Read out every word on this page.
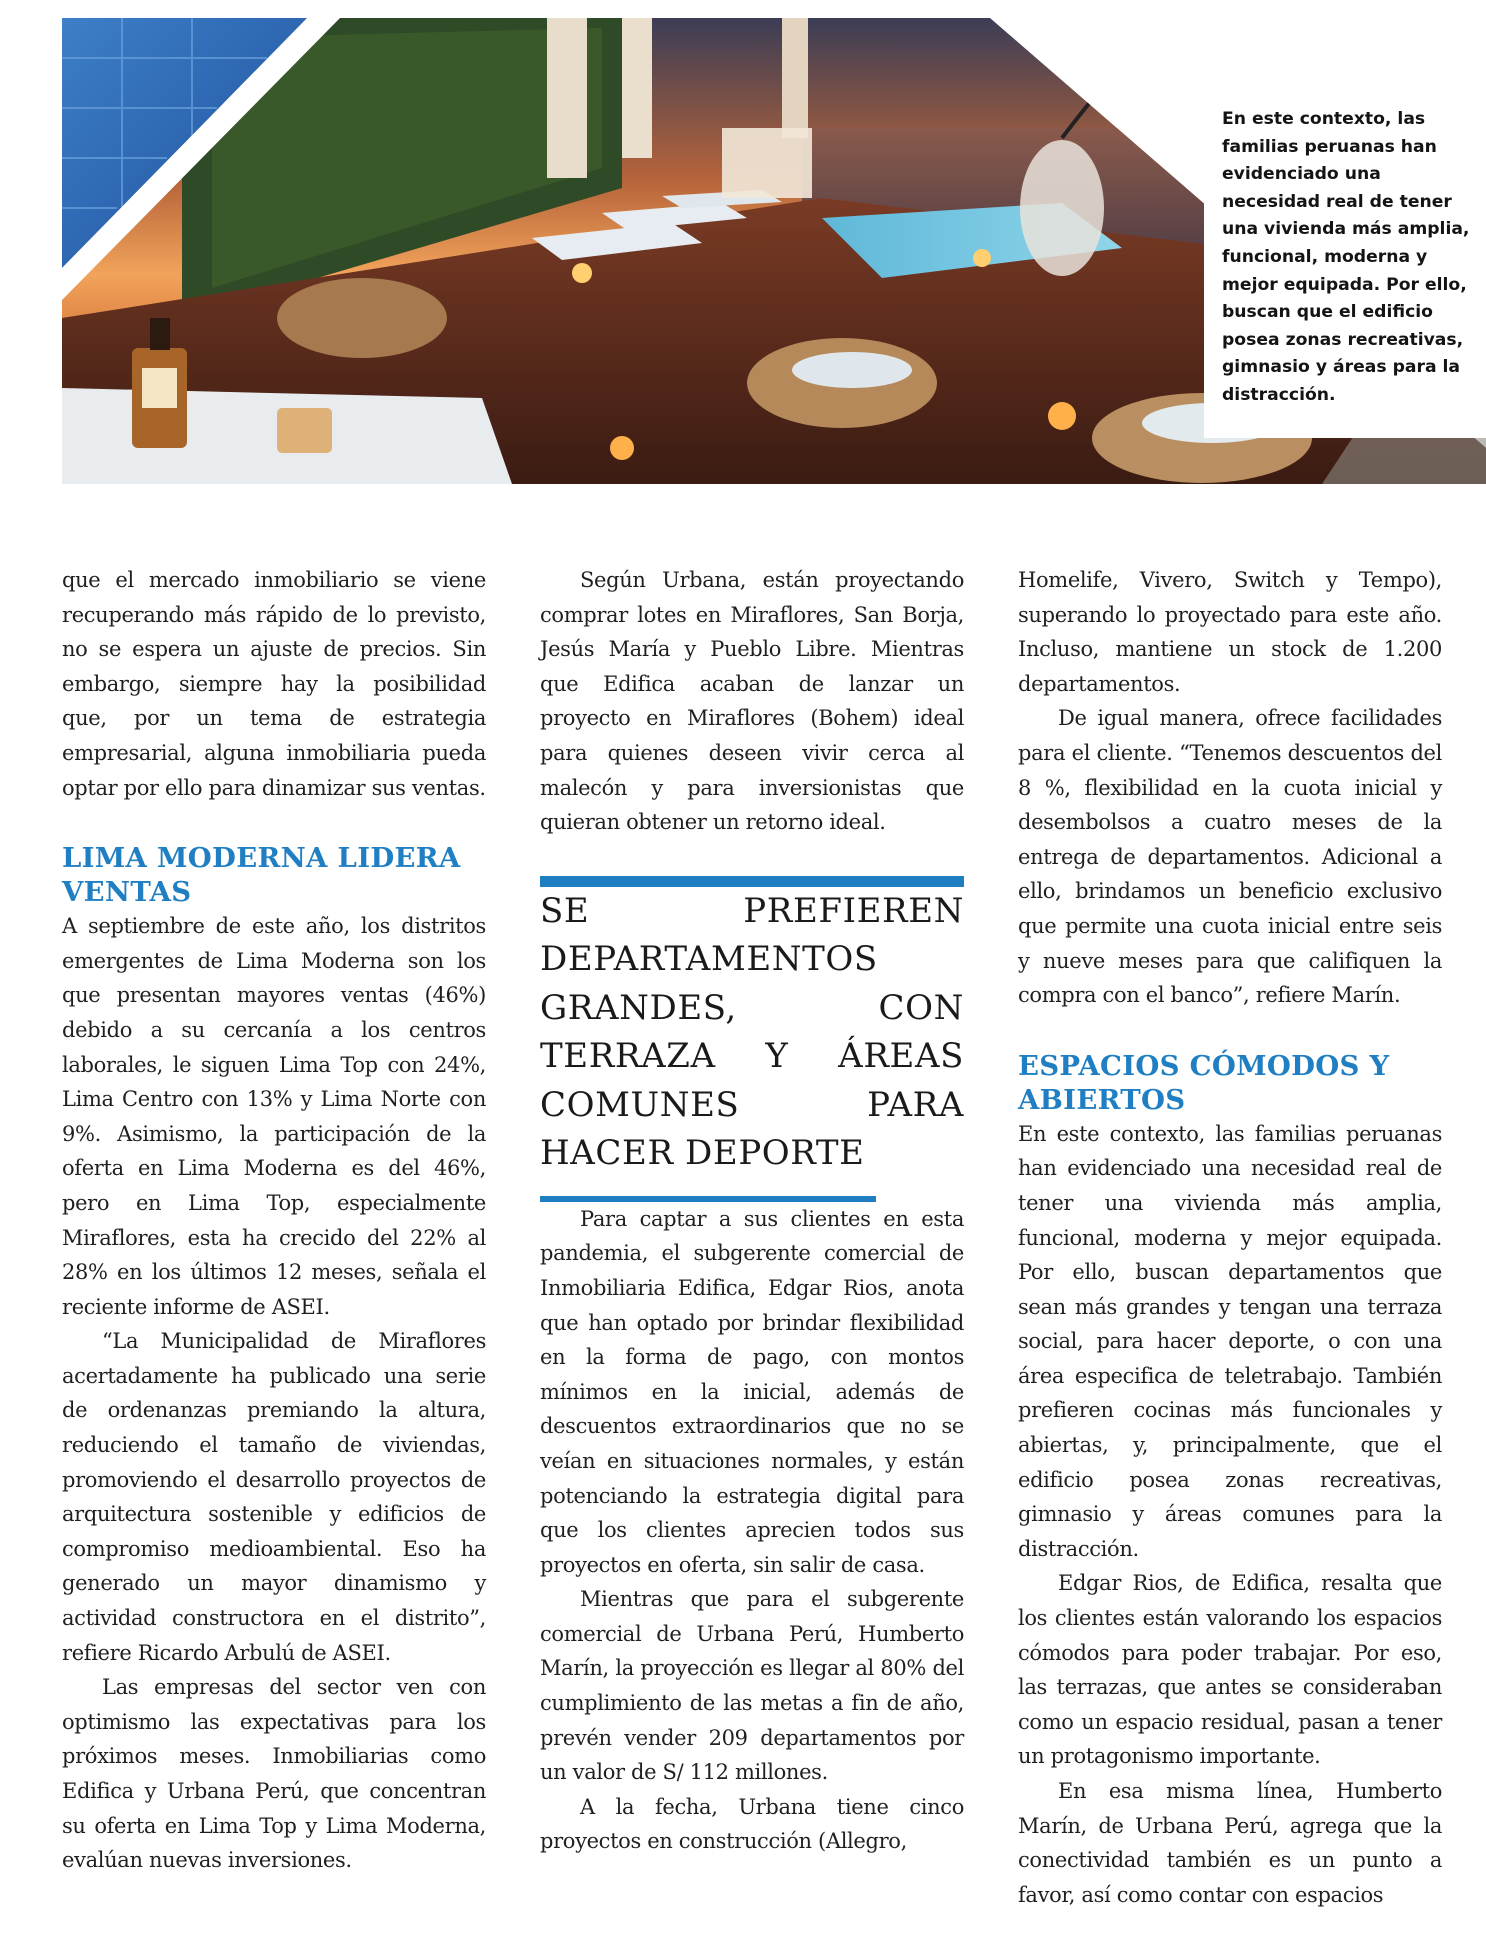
En este contexto, las familias peruanas han evidenciado una necesidad real de tener una vivienda más amplia, funcional, moderna y mejor equipada. Por ello, buscan que el edificio posea zonas recreativas, gimnasio y áreas para la distracción.

que el mercado inmobiliario se viene recuperando más rápido de lo previsto, no se espera un ajuste de precios. Sin embargo, siempre hay la posibilidad que, por un tema de estrategia empresarial, alguna inmobiliaria pueda optar por ello para dinamizar sus ventas.

LIMA MODERNA LIDERA VENTAS

A septiembre de este año, los distritos emergentes de Lima Moderna son los que presentan mayores ventas (46%) debido a su cercanía a los centros laborales, le siguen Lima Top con 24%, Lima Centro con 13% y Lima Norte con 9%. Asimismo, la participación de la oferta en Lima Moderna es del 46%, pero en Lima Top, especialmente Miraflores, esta ha crecido del 22% al 28% en los últimos 12 meses, señala el reciente informe de ASEI.

“La Municipalidad de Miraflores acertadamente ha publicado una serie de ordenanzas premiando la altura, reduciendo el tamaño de viviendas, promoviendo el desarrollo proyectos de arquitectura sostenible y edificios de compromiso medioambiental. Eso ha generado un mayor dinamismo y actividad constructora en el distrito”, refiere Ricardo Arbulú de ASEI.

Las empresas del sector ven con optimismo las expectativas para los próximos meses. Inmobiliarias como Edifica y Urbana Perú, que concentran su oferta en Lima Top y Lima Moderna, evalúan nuevas inversiones.

Según Urbana, están proyectando comprar lotes en Miraflores, San Borja, Jesús María y Pueblo Libre. Mientras que Edifica acaban de lanzar un proyecto en Miraflores (Bohem) ideal para quienes deseen vivir cerca al malecón y para inversionistas que quieran obtener un retorno ideal.

SE PREFIEREN DEPARTAMENTOS GRANDES, CON TERRAZA Y ÁREAS COMUNES PARA HACER DEPORTE

Para captar a sus clientes en esta pandemia, el subgerente comercial de Inmobiliaria Edifica, Edgar Rios, anota que han optado por brindar flexibilidad en la forma de pago, con montos mínimos en la inicial, además de descuentos extraordinarios que no se veían en situaciones normales, y están potenciando la estrategia digital para que los clientes aprecien todos sus proyectos en oferta, sin salir de casa.

Mientras que para el subgerente comercial de Urbana Perú, Humberto Marín, la proyección es llegar al 80% del cumplimiento de las metas a fin de año, prevén vender 209 departamentos por un valor de S/ 112 millones.

A la fecha, Urbana tiene cinco proyectos en construcción (Allegro,

Homelife, Vivero, Switch y Tempo), superando lo proyectado para este año. Incluso, mantiene un stock de 1.200 departamentos.

De igual manera, ofrece facilidades para el cliente. “Tenemos descuentos del 8 %, flexibilidad en la cuota inicial y desembolsos a cuatro meses de la entrega de departamentos. Adicional a ello, brindamos un beneficio exclusivo que permite una cuota inicial entre seis y nueve meses para que califiquen la compra con el banco”, refiere Marín.

ESPACIOS CÓMODOS Y ABIERTOS

En este contexto, las familias peruanas han evidenciado una necesidad real de tener una vivienda más amplia, funcional, moderna y mejor equipada. Por ello, buscan departamentos que sean más grandes y tengan una terraza social, para hacer deporte, o con una área especifica de teletrabajo. También prefieren cocinas más funcionales y abiertas, y, principalmente, que el edificio posea zonas recreativas, gimnasio y áreas comunes para la distracción.

Edgar Rios, de Edifica, resalta que los clientes están valorando los espacios cómodos para poder trabajar. Por eso, las terrazas, que antes se consideraban como un espacio residual, pasan a tener un protagonismo importante.

En esa misma línea, Humberto Marín, de Urbana Perú, agrega que la conectividad también es un punto a favor, así como contar con espacios
